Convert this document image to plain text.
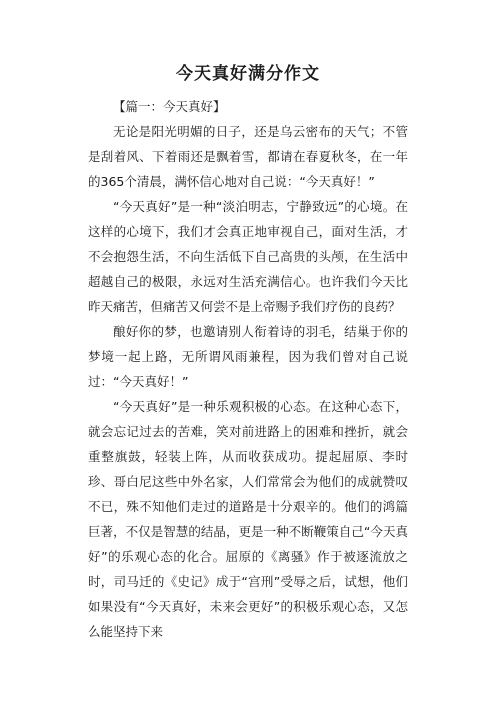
今天真好满分作文

【篇一：今天真好】

无论是阳光明媚的日子，还是乌云密布的天气；不管是刮着风、下着雨还是飘着雪，都请在春夏秋冬，在一年的365个清晨，满怀信心地对自己说：“今天真好！”

“今天真好”是一种“淡泊明志，宁静致远”的心境。在这样的心境下，我们才会真正地审视自己，面对生活，才不会抱怨生活，不向生活低下自己高贵的头颅，在生活中超越自己的极限，永远对生活充满信心。也许我们今天比昨天痛苦，但痛苦又何尝不是上帝赐予我们疗伤的良药？

酿好你的梦，也邀请别人衔着诗的羽毛，结巢于你的梦境一起上路，无所谓风雨兼程，因为我们曾对自己说过：“今天真好！”

“今天真好”是一种乐观积极的心态。在这种心态下，就会忘记过去的苦难，笑对前进路上的困难和挫折，就会重整旗鼓，轻装上阵，从而收获成功。提起屈原、李时珍、哥白尼这些中外名家，人们常常会为他们的成就赞叹不已，殊不知他们走过的道路是十分艰辛的。他们的鸿篇巨著，不仅是智慧的结晶，更是一种不断鞭策自己“今天真好”的乐观心态的化合。屈原的《离骚》作于被逐流放之时，司马迁的《史记》成于“宫刑”受辱之后，试想，他们如果没有“今天真好，未来会更好”的积极乐观心态，又怎么能坚持下来
